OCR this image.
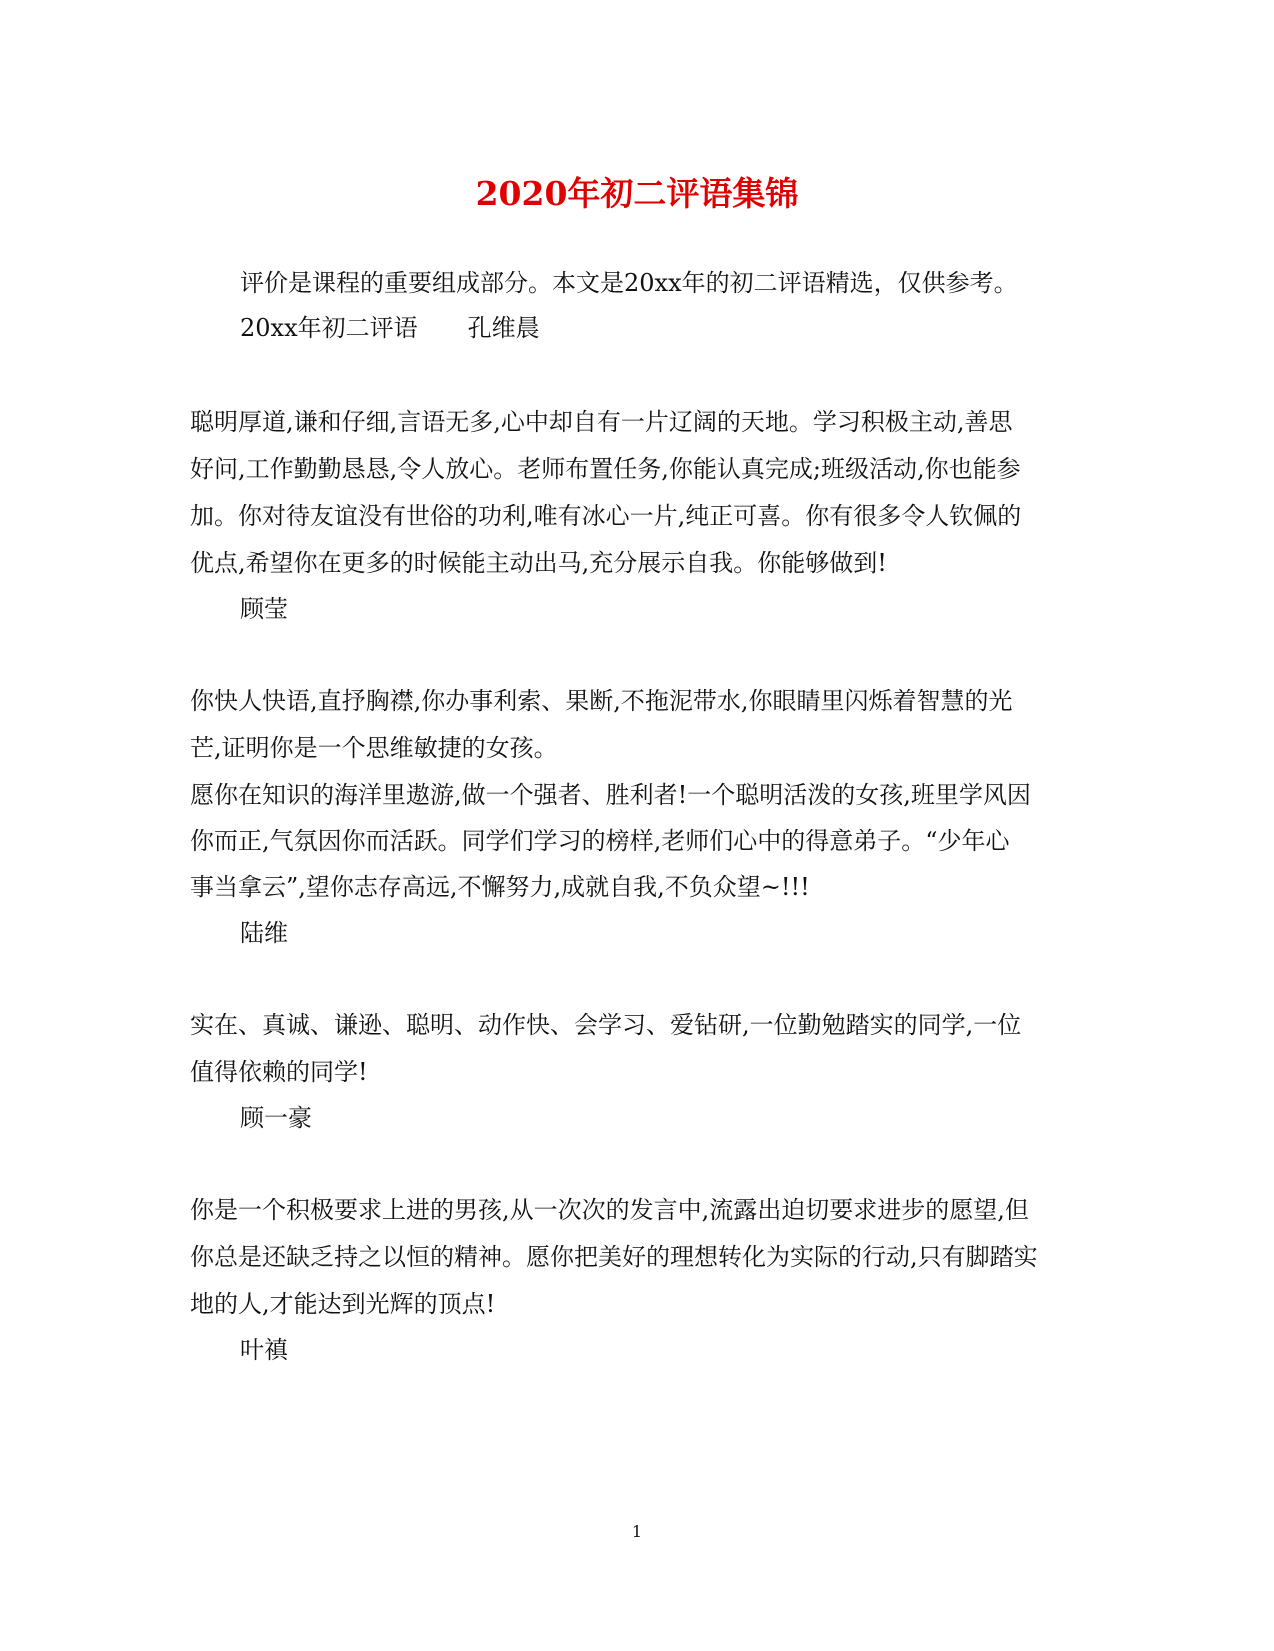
2020年初二评语集锦
评价是课程的重要组成部分。本文是20xx年的初二评语精选，仅供参考。
20xx年初二评语 孔维晨
聪明厚道,谦和仔细,言语无多,心中却自有一片辽阔的天地。学习积极主动,善思
好问,工作勤勤恳恳,令人放心。老师布置任务,你能认真完成;班级活动,你也能参
加。你对待友谊没有世俗的功利,唯有冰心一片,纯正可喜。你有很多令人钦佩的
优点,希望你在更多的时候能主动出马,充分展示自我。你能够做到!
顾莹
你快人快语,直抒胸襟,你办事利索、果断,不拖泥带水,你眼睛里闪烁着智慧的光
芒,证明你是一个思维敏捷的女孩。
愿你在知识的海洋里遨游,做一个强者、胜利者!一个聪明活泼的女孩,班里学风因
你而正,气氛因你而活跃。同学们学习的榜样,老师们心中的得意弟子。“少年心
事当拿云”,望你志存高远,不懈努力,成就自我,不负众望~!!!
陆维
实在、真诚、谦逊、聪明、动作快、会学习、爱钻研,一位勤勉踏实的同学,一位
值得依赖的同学!
顾一豪
你是一个积极要求上进的男孩,从一次次的发言中,流露出迫切要求进步的愿望,但
你总是还缺乏持之以恒的精神。愿你把美好的理想转化为实际的行动,只有脚踏实
地的人,才能达到光辉的顶点!
叶禛
1
